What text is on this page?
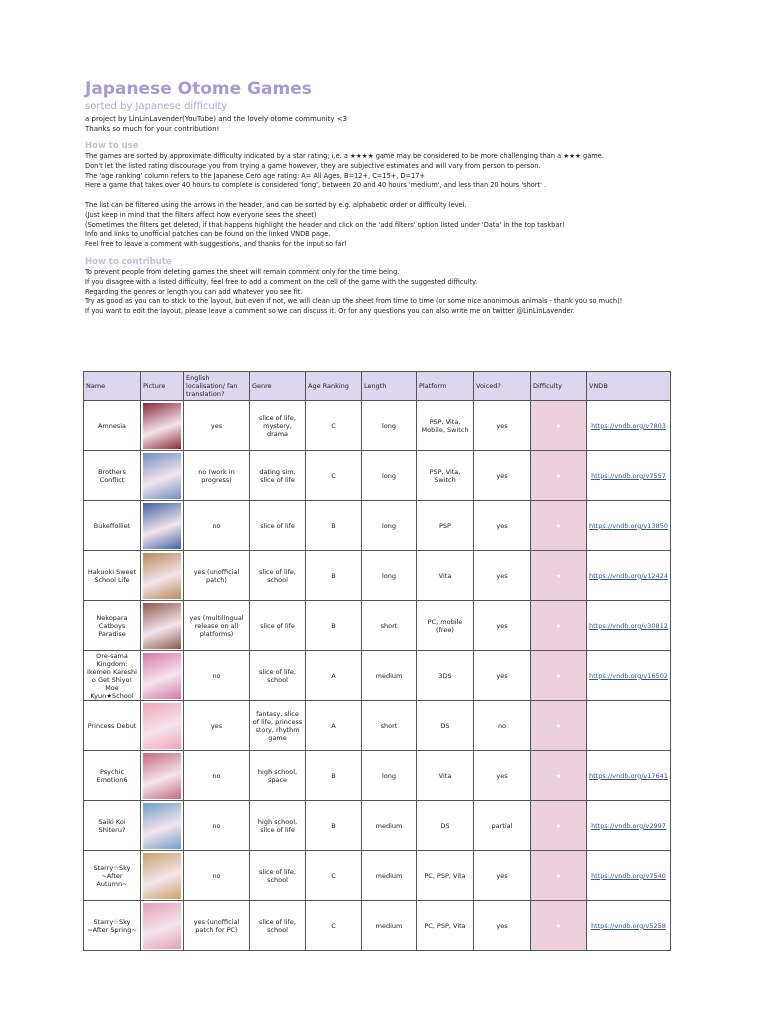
Japanese Otome Games

sorted by Japanese difficulty

a project by LinLinLavender(YouTube) and the lovely otome community <3

Thanks so much for your contribution!

How to use

The games are sorted by approximate difficulty indicated by a star rating; i.e. a ★★★★ game may be considered to be more challenging than a ★★★ game.
Don't let the listed rating discourage you from trying a game however, they are subjective estimates and will vary from person to person.
The 'age ranking' column refers to the Japanese Cero age rating: A= All Ages, B=12+, C=15+, D=17+
Here a game that takes over 40 hours to complete is considered 'long', between 20 and 40 hours 'medium', and less than 20 hours 'short' .

The list can be filtered using the arrows in the header, and can be sorted by e.g. alphabetic order or difficulty level.
(Just keep in mind that the filters affect how everyone sees the sheet)
(Sometimes the filters get deleted, if that happens highlight the header and click on the 'add filters' option listed under 'Data' in the top taskbar)
Info and links to unofficial patches can be found on the linked VNDB page.
Feel free to leave a comment with suggestions, and thanks for the input so far!

How to contribute

To prevent people from deleting games the sheet will remain comment only for the time being.
If you disagree with a listed difficulty, feel free to add a comment on the cell of the game with the suggested difficulty.
Regarding the genres or length you can add whatever you see fit.
Try as good as you can to stick to the layout, but even if not, we will clean up the sheet from time to time (or some nice anonimous animals - thank you so much)!
If you want to edit the layout, please leave a comment so we can discuss it. Or for any questions you can also write me on twitter @LinLinLavender.
Name	Picture	English localisation/ fan translation?	Genre	Age Ranking	Length	Platform	Voiced?	Difficulty	VNDB
Amnesia		yes	slice of life, mystery, drama	C	long	PSP, Vita, Mobile, Switch	yes	★	https://vndb.org/v7803
Brothers Conflict		no (work in progress)	dating sim, slice of life	C	long	PSP, Vita, Switch	yes	★	https://vndb.org/v7557
Bukeffolliet		no	slice of life	B	long	PSP	yes	★	https://vndb.org/v13850
Hakuoki Sweet School Life		yes (unofficial patch)	slice of life, school	B	long	Vita	yes	★	https://vndb.org/v12424
Nekopara Catboys Paradise		yes (multilingual release on all platforms)	slice of life	B	short	PC, mobile (free)	yes	★	https://vndb.org/v30812
Ore-sama Kingdom: Ikemen Kareshi o Get Shiyo! Moe Kyun★School		no	slice of life, school	A	medium	3DS	yes	★	https://vndb.org/v16502
Princess Debut		yes	fantasy, slice of life, princess story, rhythm game	A	short	DS	no	★	
Psychic Emotion6		no	high school, space	B	long	Vita	yes	★	https://vndb.org/v17641
Saiki Koi Shiteru?		no	high school, slice of life	B	medium	DS	partial	★	https://vndb.org/v2997
Starry☆Sky ~After Autumn~		no	slice of life, school	C	medium	PC, PSP, Vita	yes	★	https://vndb.org/v7540
Starry☆Sky ~After Spring~		yes (unofficial patch for PC)	slice of life, school	C	medium	PC, PSP, Vita	yes	★	https://vndb.org/v5258
